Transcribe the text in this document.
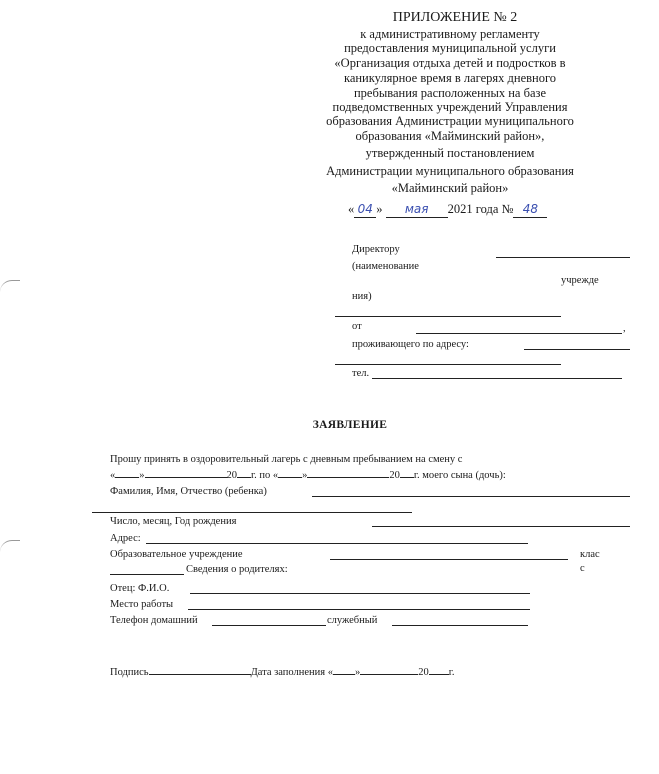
ПРИЛОЖЕНИЕ № 2
к административному регламенту
предоставления муниципальной услуги
«Организация отдыха детей и подростков в
каникулярное время в лагерях дневного
пребывания расположенных на базе
подведомственных учреждений Управления
образования Администрации муниципального
образования «Майминский район»,
утвержденный постановлением
Администрации муниципального образования
«Майминский район»
« 04 » мая 2021 года № 48
Директору
(наименование
учрежде
ния)
от	,
проживающего по адресу:
тел.
ЗАЯВЛЕНИЕ
Прошу принять в оздоровительный лагерь с дневным пребыванием на смену с
« »	20 г. по « »	20 г. моего сына (дочь):
Фамилия, Имя, Отчество (ребенка)
Число, месяц, Год рождения
Адрес:
Образовательное учреждение	клас
Сведения о родителях:	с
Отец: Ф.И.О.
Место работы
Телефон домашний	служебный
Подпись	Дата заполнения « »	20 г.
